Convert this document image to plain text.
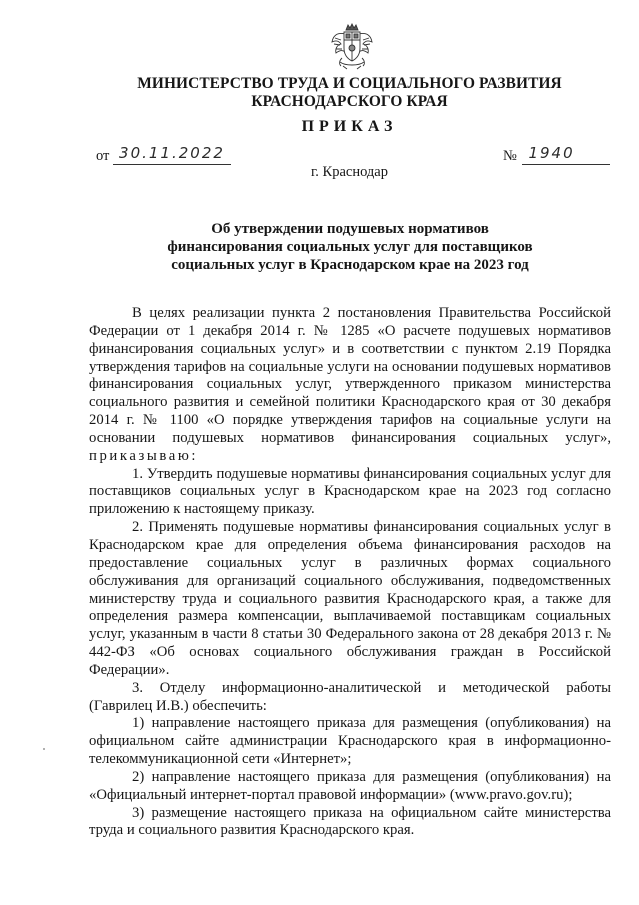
МИНИСТЕРСТВО ТРУДА И СОЦИАЛЬНОГО РАЗВИТИЯ
КРАСНОДАРСКОГО КРАЯ
ПРИКАЗ
от 30.11.2022	№ 1940
г. Краснодар
Об утверждении подушевых нормативов
финансирования социальных услуг для поставщиков
социальных услуг в Краснодарском крае на 2023 год

В целях реализации пункта 2 постановления Правительства Российской Федерации от 1 декабря 2014 г. № 1285 «О расчете подушевых нормативов финансирования социальных услуг» и в соответствии с пунктом 2.19 Порядка утверждения тарифов на социальные услуги на основании подушевых нормативов финансирования социальных услуг, утвержденного приказом министерства социального развития и семейной политики Краснодарского края от 30 декабря 2014 г. № 1100 «О порядке утверждения тарифов на социальные услуги на основании подушевых нормативов финансирования социальных услуг», приказываю:

1. Утвердить подушевые нормативы финансирования социальных услуг для поставщиков социальных услуг в Краснодарском крае на 2023 год согласно приложению к настоящему приказу.

2. Применять подушевые нормативы финансирования социальных услуг в Краснодарском крае для определения объема финансирования расходов на предоставление социальных услуг в различных формах социального обслуживания для организаций социального обслуживания, подведомственных министерству труда и социального развития Краснодарского края, а также для определения размера компенсации, выплачиваемой поставщикам социальных услуг, указанным в части 8 статьи 30 Федерального закона от 28 декабря 2013 г. № 442-ФЗ «Об основах социального обслуживания граждан в Российской Федерации».

3. Отделу информационно-аналитической и методической работы (Гаврилец И.В.) обеспечить:

1) направление настоящего приказа для размещения (опубликования) на официальном сайте администрации Краснодарского края в информационно-телекоммуникационной сети «Интернет»;

2) направление настоящего приказа для размещения (опубликования) на «Официальный интернет-портал правовой информации» (www.pravo.gov.ru);

3) размещение настоящего приказа на официальном сайте министерства труда и социального развития Краснодарского края.
